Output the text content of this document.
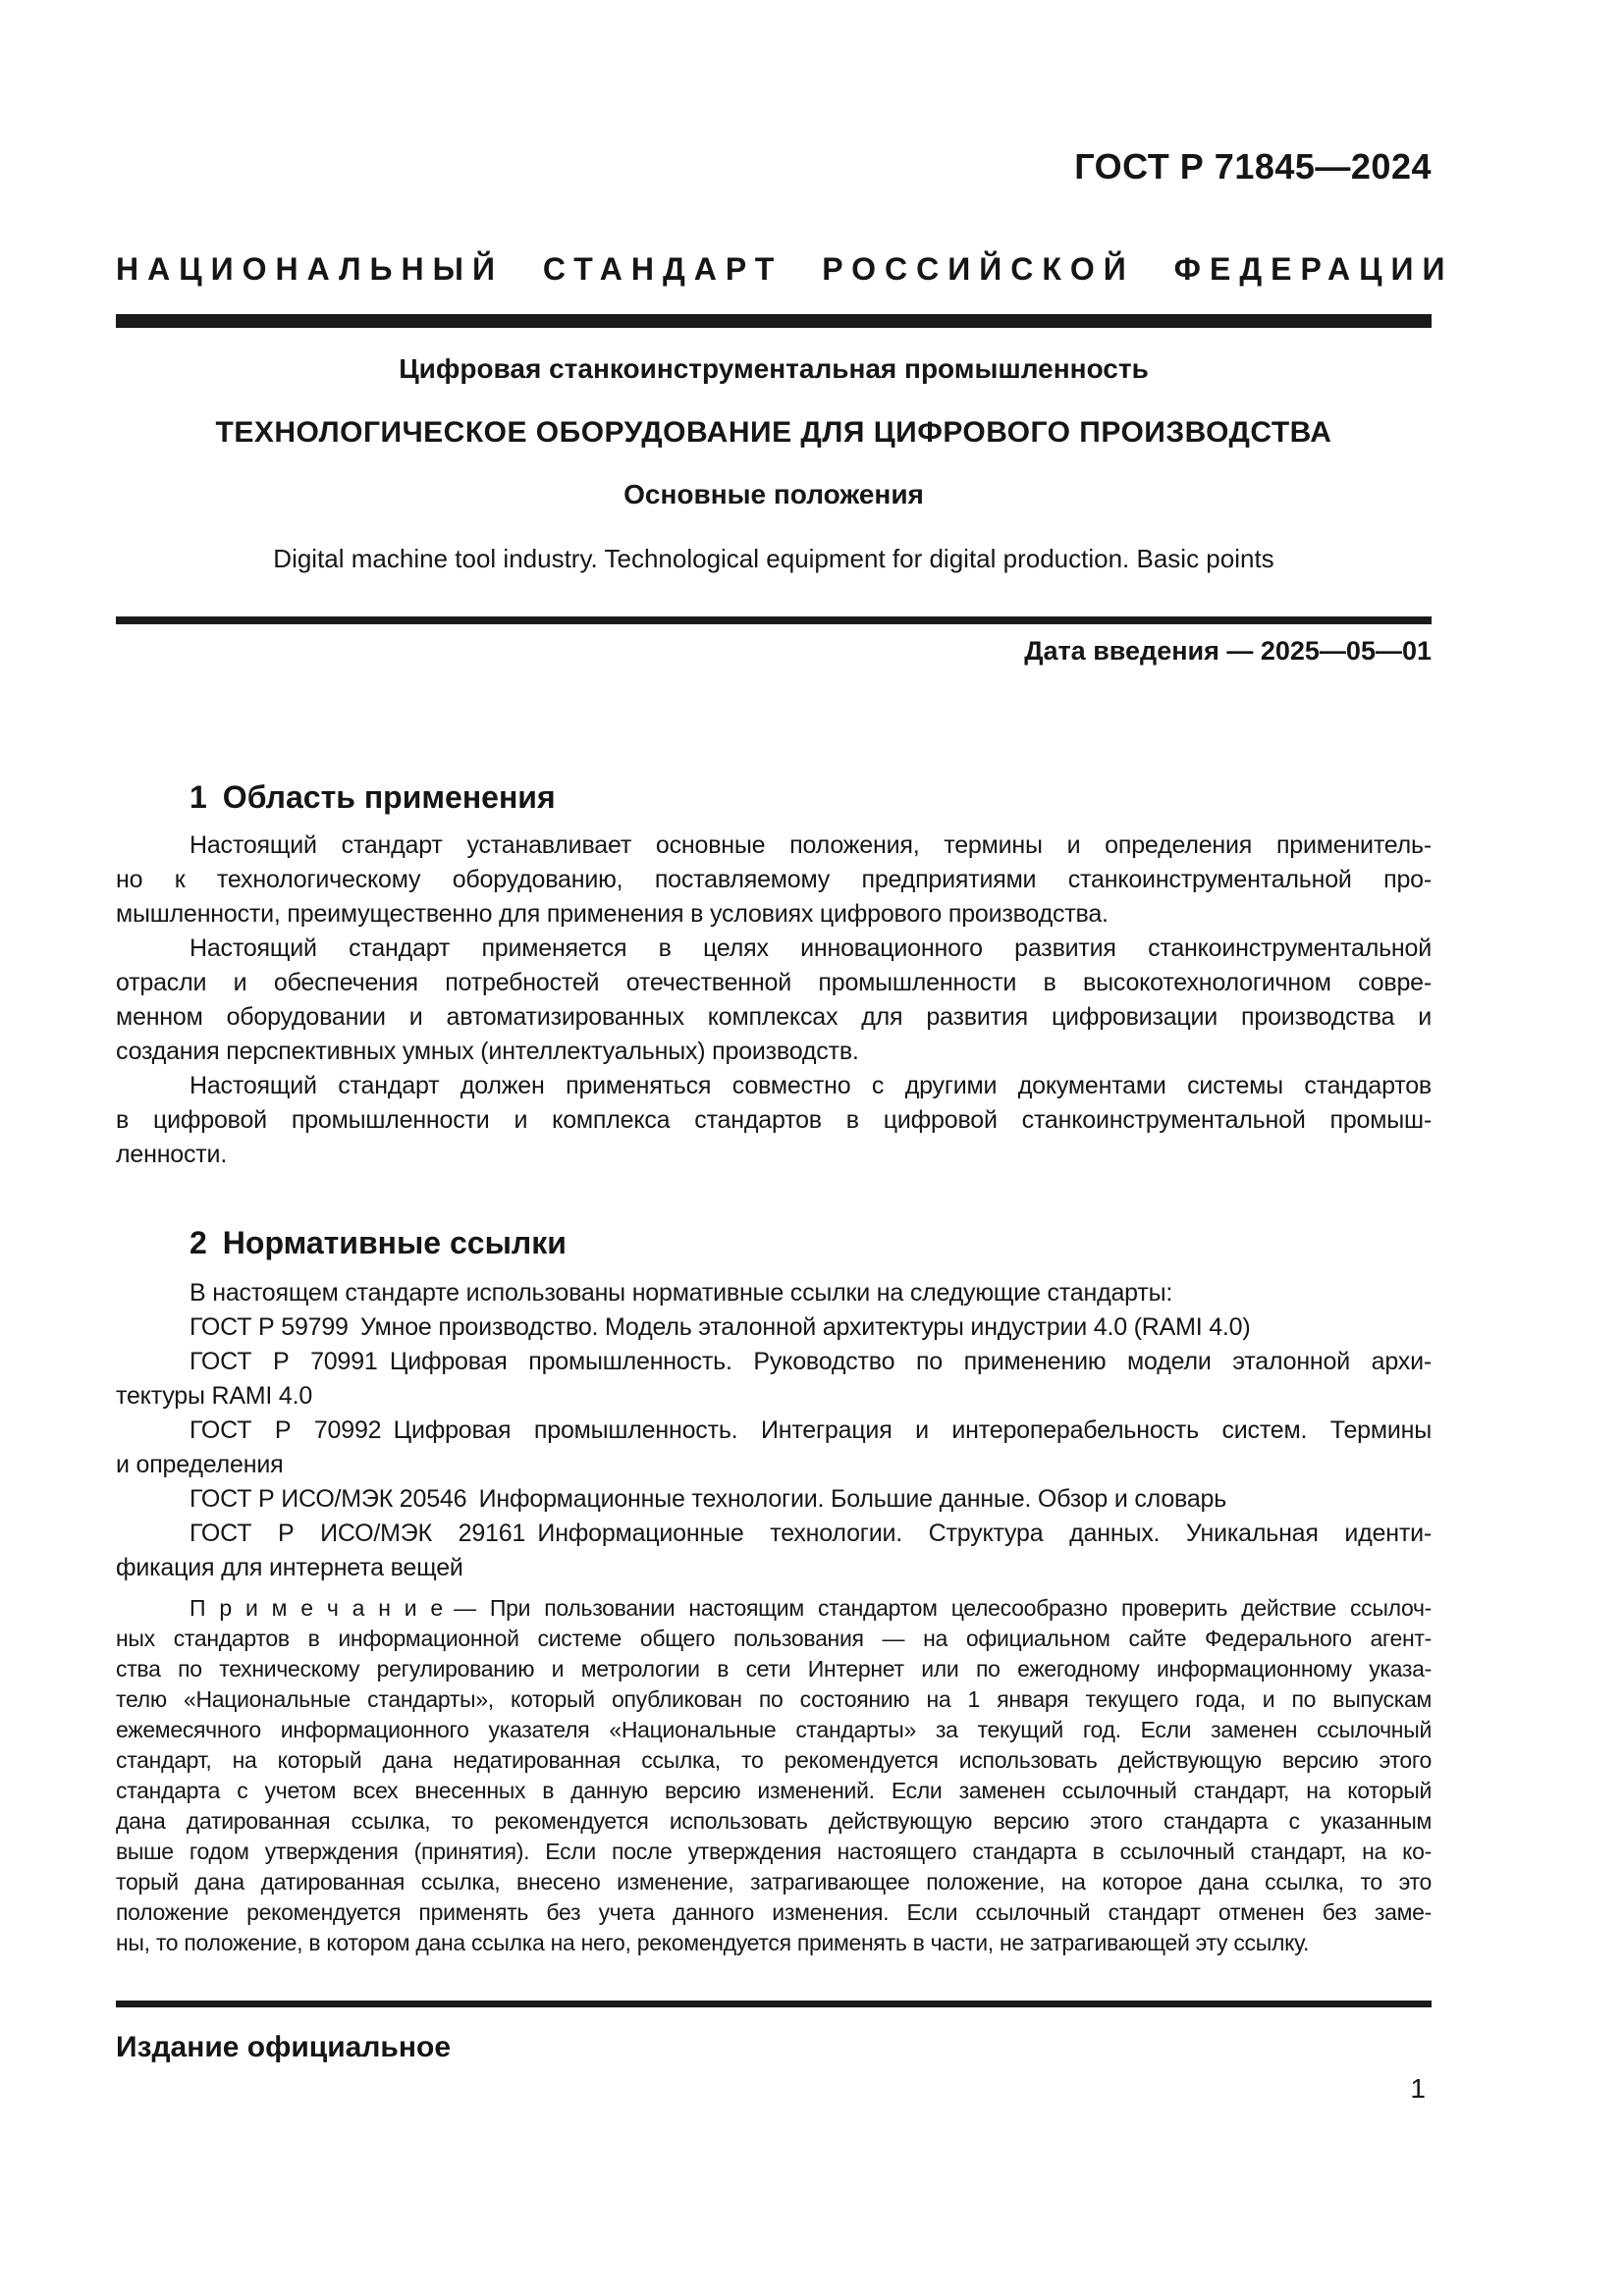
ГОСТ Р 71845—2024
НАЦИОНАЛЬНЫЙ СТАНДАРТ РОССИЙСКОЙ ФЕДЕРАЦИИ
Цифровая станкоинструментальная промышленность
ТЕХНОЛОГИЧЕСКОЕ ОБОРУДОВАНИЕ ДЛЯ ЦИФРОВОГО ПРОИЗВОДСТВА
Основные положения
Digital machine tool industry. Technological equipment for digital production. Basic points
Дата введения — 2025—05—01
1 Область применения
Настоящий стандарт устанавливает основные положения, термины и определения применитель-
но к технологическому оборудованию, поставляемому предприятиями станкоинструментальной про-
мышленности, преимущественно для применения в условиях цифрового производства.
Настоящий стандарт применяется в целях инновационного развития станкоинструментальной
отрасли и обеспечения потребностей отечественной промышленности в высокотехнологичном совре-
менном оборудовании и автоматизированных комплексах для развития цифровизации производства и
создания перспективных умных (интеллектуальных) производств.
Настоящий стандарт должен применяться совместно с другими документами системы стандартов
в цифровой промышленности и комплекса стандартов в цифровой станкоинструментальной промыш-
ленности.
2 Нормативные ссылки
В настоящем стандарте использованы нормативные ссылки на следующие стандарты:
ГОСТ Р 59799 Умное производство. Модель эталонной архитектуры индустрии 4.0 (RAMI 4.0)
ГОСТ Р 70991 Цифровая промышленность. Руководство по применению модели эталонной архи-
тектуры RAMI 4.0
ГОСТ Р 70992 Цифровая промышленность. Интеграция и интероперабельность систем. Термины
и определения
ГОСТ Р ИСО/МЭК 20546 Информационные технологии. Большие данные. Обзор и словарь
ГОСТ Р ИСО/МЭК 29161 Информационные технологии. Структура данных. Уникальная иденти-
фикация для интернета вещей
П р и м е ч а н и е — При пользовании настоящим стандартом целесообразно проверить действие ссылоч-
ных стандартов в информационной системе общего пользования — на официальном сайте Федерального агент-
ства по техническому регулированию и метрологии в сети Интернет или по ежегодному информационному указа-
телю «Национальные стандарты», который опубликован по состоянию на 1 января текущего года, и по выпускам
ежемесячного информационного указателя «Национальные стандарты» за текущий год. Если заменен ссылочный
стандарт, на который дана недатированная ссылка, то рекомендуется использовать действующую версию этого
стандарта с учетом всех внесенных в данную версию изменений. Если заменен ссылочный стандарт, на который
дана датированная ссылка, то рекомендуется использовать действующую версию этого стандарта с указанным
выше годом утверждения (принятия). Если после утверждения настоящего стандарта в ссылочный стандарт, на ко-
торый дана датированная ссылка, внесено изменение, затрагивающее положение, на которое дана ссылка, то это
положение рекомендуется применять без учета данного изменения. Если ссылочный стандарт отменен без заме-
ны, то положение, в котором дана ссылка на него, рекомендуется применять в части, не затрагивающей эту ссылку.
Издание официальное
1
